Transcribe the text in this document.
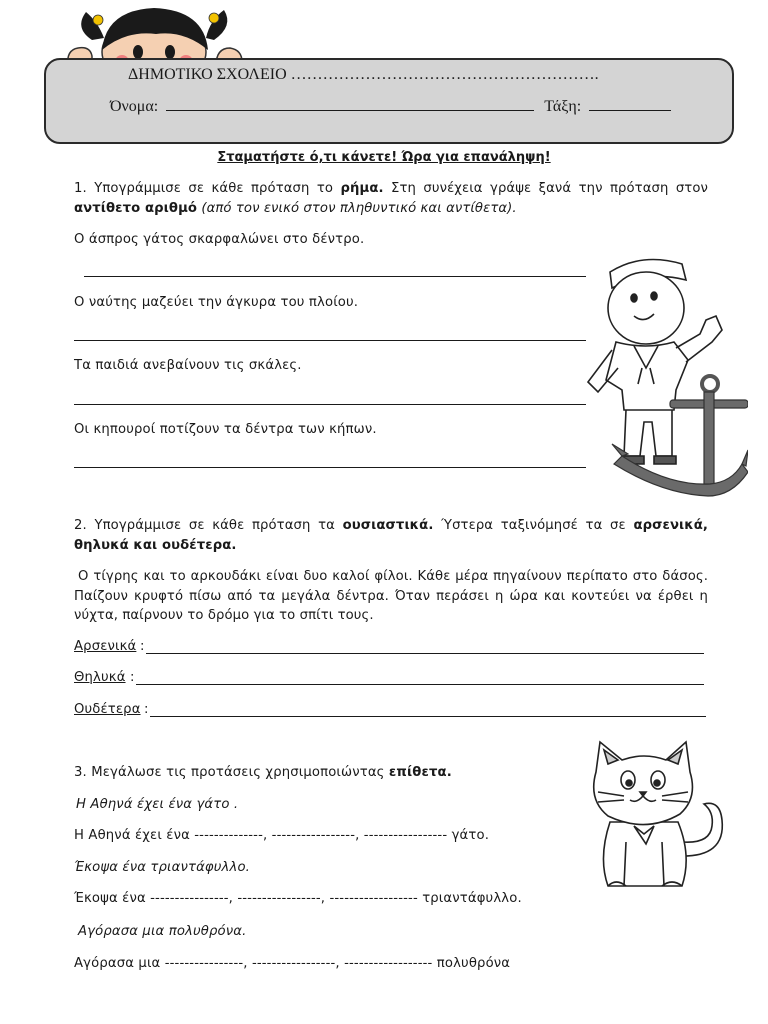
ΔΗΜΟΤΙΚΟ ΣΧΟΛΕΙΟ ………………………………………………….
Όνομα:	Τάξη:
Σταματήστε ό,τι κάνετε! Ώρα για επανάληψη!
1. Υπογράμμισε σε κάθε πρόταση το ρήμα. Στη συνέχεια γράψε ξανά την πρόταση στον αντίθετο αριθμό (από τον ενικό στον πληθυντικό και αντίθετα).
Ο άσπρος γάτος σκαρφαλώνει στο δέντρο.
Ο ναύτης μαζεύει την άγκυρα του πλοίου.
Τα παιδιά ανεβαίνουν τις σκάλες.
Οι κηπουροί ποτίζουν τα δέντρα των κήπων.
2. Υπογράμμισε σε κάθε πρόταση τα ουσιαστικά. Ύστερα ταξινόμησέ τα σε αρσενικά, θηλυκά και ουδέτερα.
Ο τίγρης και το αρκουδάκι είναι δυο καλοί φίλοι. Κάθε μέρα πηγαίνουν περίπατο στο δάσος. Παίζουν κρυφτό πίσω από τα μεγάλα δέντρα. Όταν περάσει η ώρα και κοντεύει να έρθει η νύχτα, παίρνουν το δρόμο για το σπίτι τους.
Αρσενικά :
Θηλυκά :
Ουδέτερα :
3. Μεγάλωσε τις προτάσεις χρησιμοποιώντας επίθετα.
Η Αθηνά έχει ένα γάτο .
Η Αθηνά έχει ένα --------------, -----------------, ----------------- γάτο.
Έκοψα ένα τριαντάφυλλο.
Έκοψα ένα ----------------, -----------------, ------------------ τριαντάφυλλο.
Αγόρασα μια πολυθρόνα.
Αγόρασα μια ----------------, -----------------, ------------------ πολυθρόνα
